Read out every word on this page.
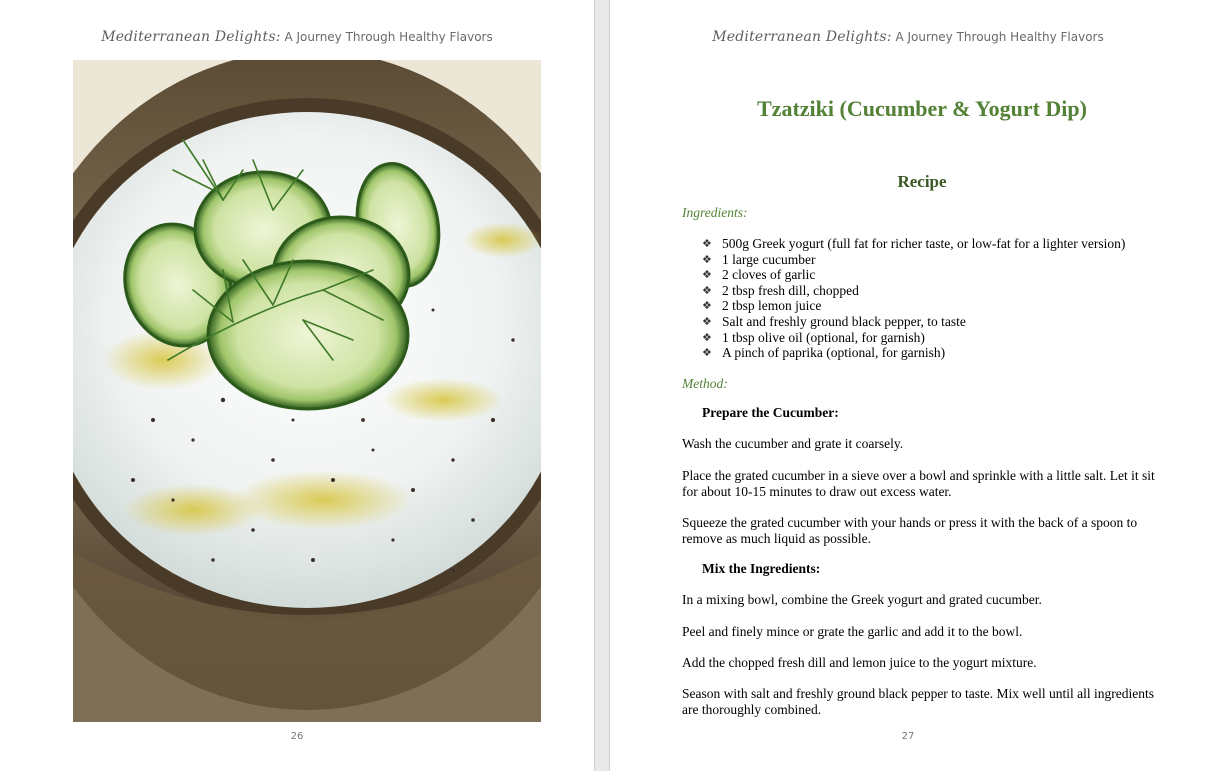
Mediterranean Delights: A Journey Through Healthy Flavors
26
Mediterranean Delights: A Journey Through Healthy Flavors
Tzatziki (Cucumber & Yogurt Dip)
Recipe
Ingredients:
❖ 500g Greek yogurt (full fat for richer taste, or low-fat for a lighter version)
❖ 1 large cucumber
❖ 2 cloves of garlic
❖ 2 tbsp fresh dill, chopped
❖ 2 tbsp lemon juice
❖ Salt and freshly ground black pepper, to taste
❖ 1 tbsp olive oil (optional, for garnish)
❖ A pinch of paprika (optional, for garnish)
Method:
Prepare the Cucumber:

Wash the cucumber and grate it coarsely.

Place the grated cucumber in a sieve over a bowl and sprinkle with a little salt. Let it sit for about 10-15 minutes to draw out excess water.

Squeeze the grated cucumber with your hands or press it with the back of a spoon to remove as much liquid as possible.

Mix the Ingredients:

In a mixing bowl, combine the Greek yogurt and grated cucumber.

Peel and finely mince or grate the garlic and add it to the bowl.

Add the chopped fresh dill and lemon juice to the yogurt mixture.

Season with salt and freshly ground black pepper to taste. Mix well until all ingredients are thoroughly combined.

27
